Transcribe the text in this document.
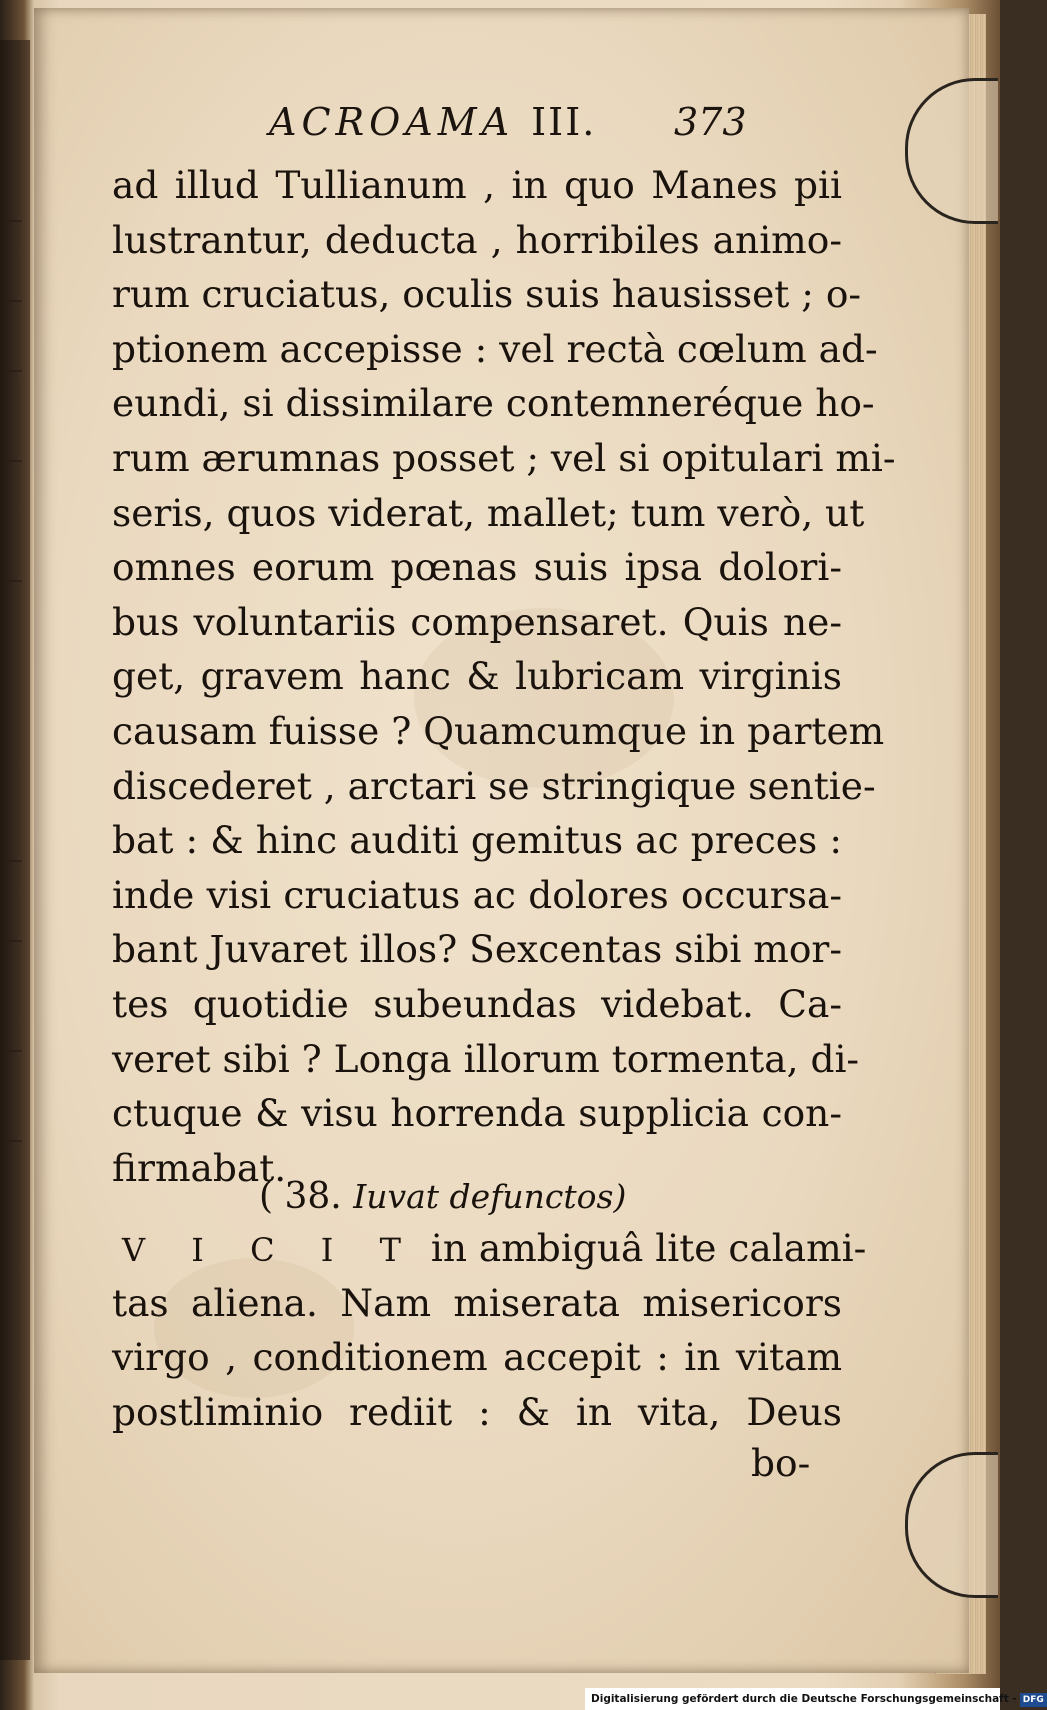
ACROAMA III. 373
ad illud Tullianum , in quo Manes pii
lustrantur, deducta , horribiles animo-
rum cruciatus, oculis suis hausisset ; o-
ptionem accepisse : vel rectà cœlum ad-
eundi, si dissimilare contemneréque ho-
rum ærumnas posset ; vel si opitulari mi-
seris, quos viderat, mallet; tum verò, ut
omnes eorum pœnas suis ipsa dolori-
bus voluntariis compensaret. Quis ne-
get, gravem hanc & lubricam virginis
causam fuisse ? Quamcumque in partem
discederet , arctari se stringique sentie-
bat : & hinc auditi gemitus ac preces :
inde visi cruciatus ac dolores occursa-
bant Juvaret illos? Sexcentas sibi mor-
tes quotidie subeundas videbat. Ca-
veret sibi ? Longa illorum tormenta, di-
ctuque & visu horrenda supplicia con-
firmabat.
( 38. Iuvat defunctos)
V I C I T in ambiguâ lite calami-
tas aliena. Nam miserata misericors
virgo , conditionem accepit : in vitam
postliminio rediit : & in vita, Deus
bo-
Digitalisierung gefördert durch die Deutsche Forschungsgemeinschaft - DFG
